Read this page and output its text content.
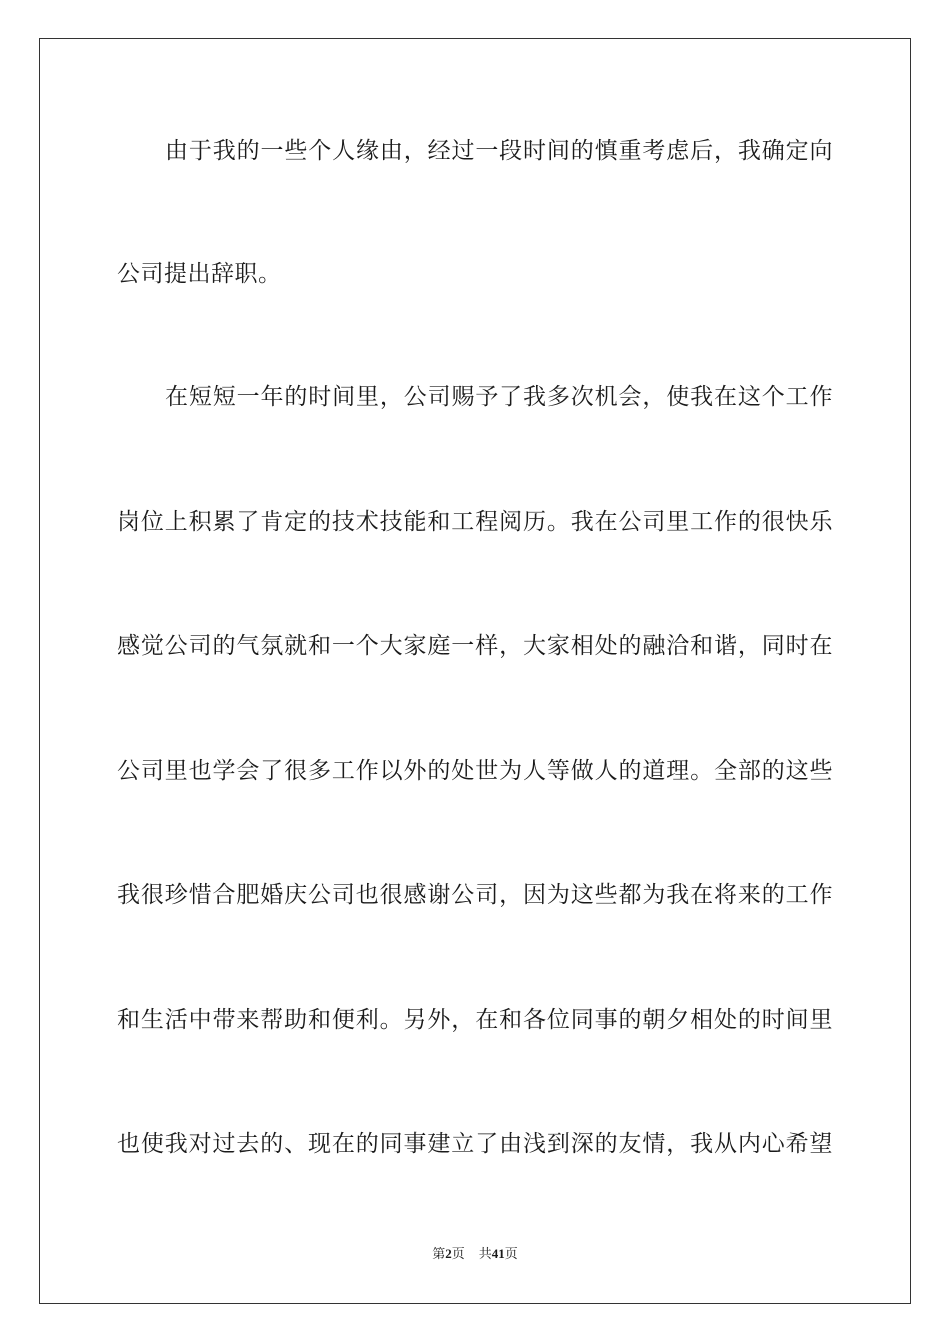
由于我的一些个人缘由，经过一段时间的慎重考虑后，我确定向
公司提出辞职。
在短短一年的时间里，公司赐予了我多次机会，使我在这个工作
岗位上积累了肯定的技术技能和工程阅历。我在公司里工作的很快乐
感觉公司的气氛就和一个大家庭一样，大家相处的融洽和谐，同时在
公司里也学会了很多工作以外的处世为人等做人的道理。全部的这些
我很珍惜合肥婚庆公司也很感谢公司，因为这些都为我在将来的工作
和生活中带来帮助和便利。另外，在和各位同事的朝夕相处的时间里
也使我对过去的、现在的同事建立了由浅到深的友情，我从内心希望
第2页 共41页
